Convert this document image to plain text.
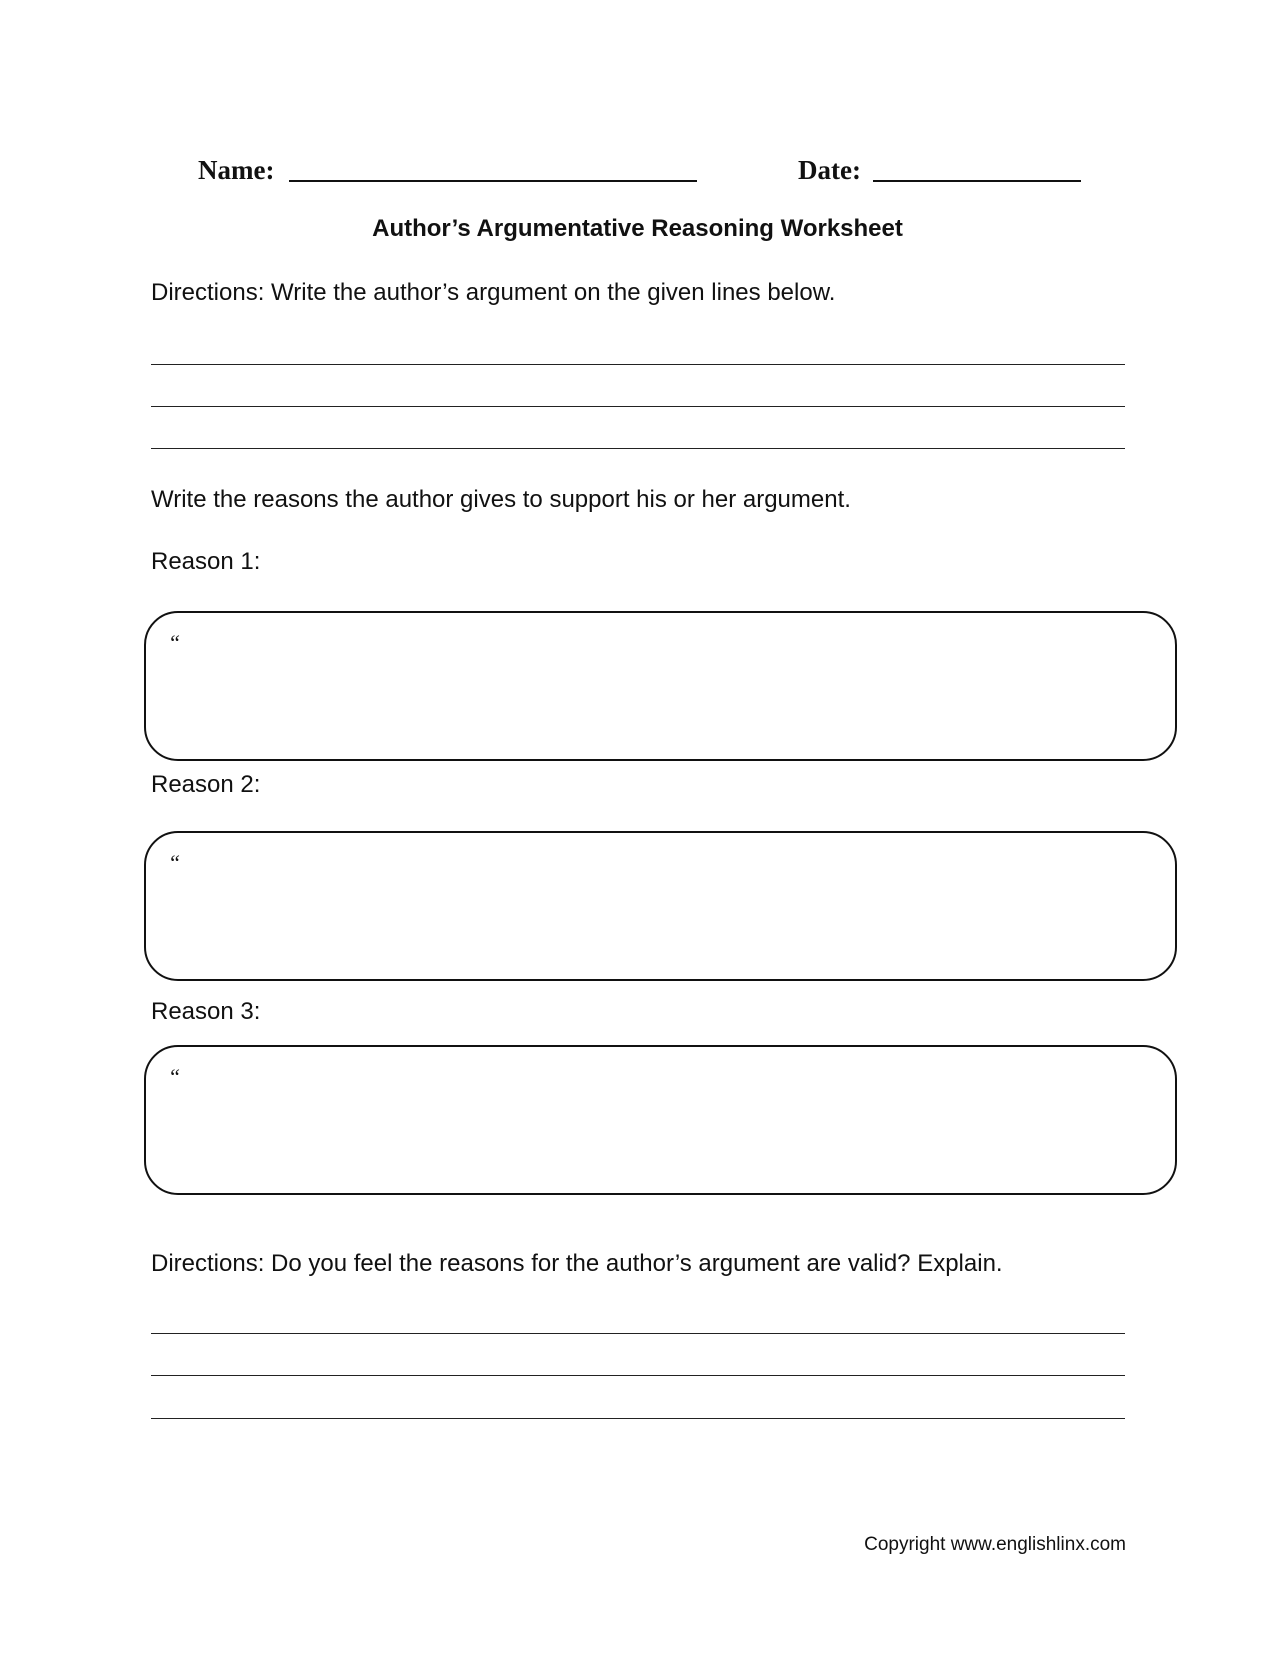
Name:	Date:
Author’s Argumentative Reasoning Worksheet
Directions: Write the author’s argument on the given lines below.
Write the reasons the author gives to support his or her argument.
Reason 1:
“
Reason 2:
“
Reason 3:
“
Directions: Do you feel the reasons for the author’s argument are valid? Explain.
Copyright www.englishlinx.com
